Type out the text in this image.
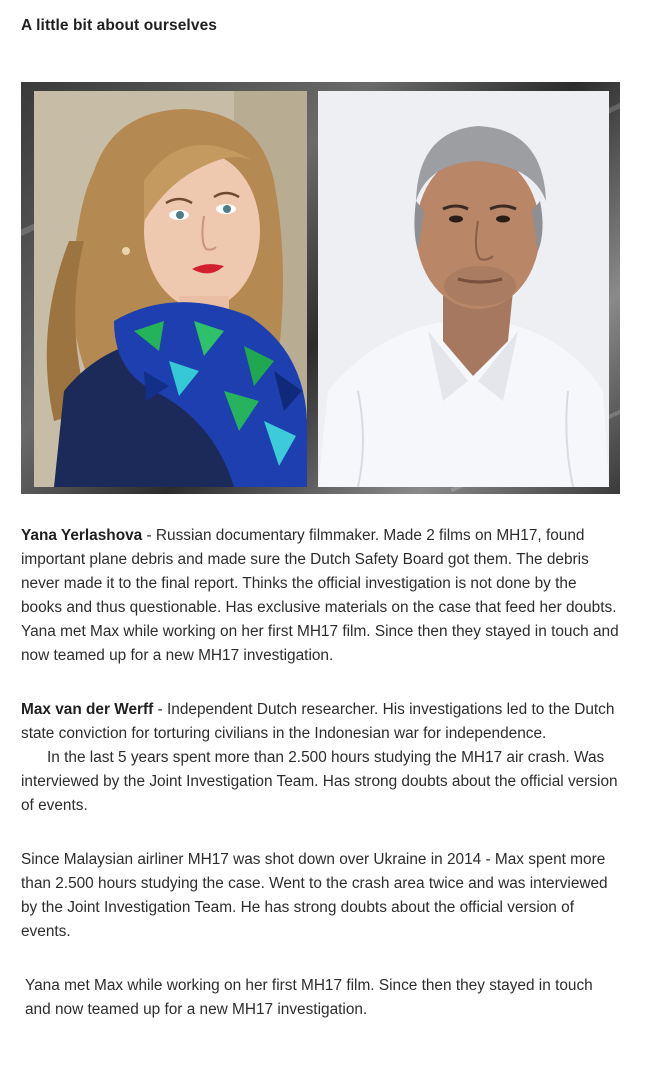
A little bit about ourselves

Yana Yerlashova - Russian documentary filmmaker. Made 2 films on MH17, found important plane debris and made sure the Dutch Safety Board got them. The debris never made it to the final report. Thinks the official investigation is not done by the books and thus questionable. Has exclusive materials on the case that feed her doubts. Yana met Max while working on her first MH17 film. Since then they stayed in touch and now teamed up for a new MH17 investigation.

Max van der Werff - Independent Dutch researcher. His investigations led to the Dutch state conviction for torturing civilians in the Indonesian war for independence.
In the last 5 years spent more than 2.500 hours studying the MH17 air crash. Was interviewed by the Joint Investigation Team. Has strong doubts about the official version of events.

Since Malaysian airliner MH17 was shot down over Ukraine in 2014 - Max spent more than 2.500 hours studying the case. Went to the crash area twice and was interviewed by the Joint Investigation Team. He has strong doubts about the official version of events.

Yana met Max while working on her first MH17 film. Since then they stayed in touch and now teamed up for a new MH17 investigation.
